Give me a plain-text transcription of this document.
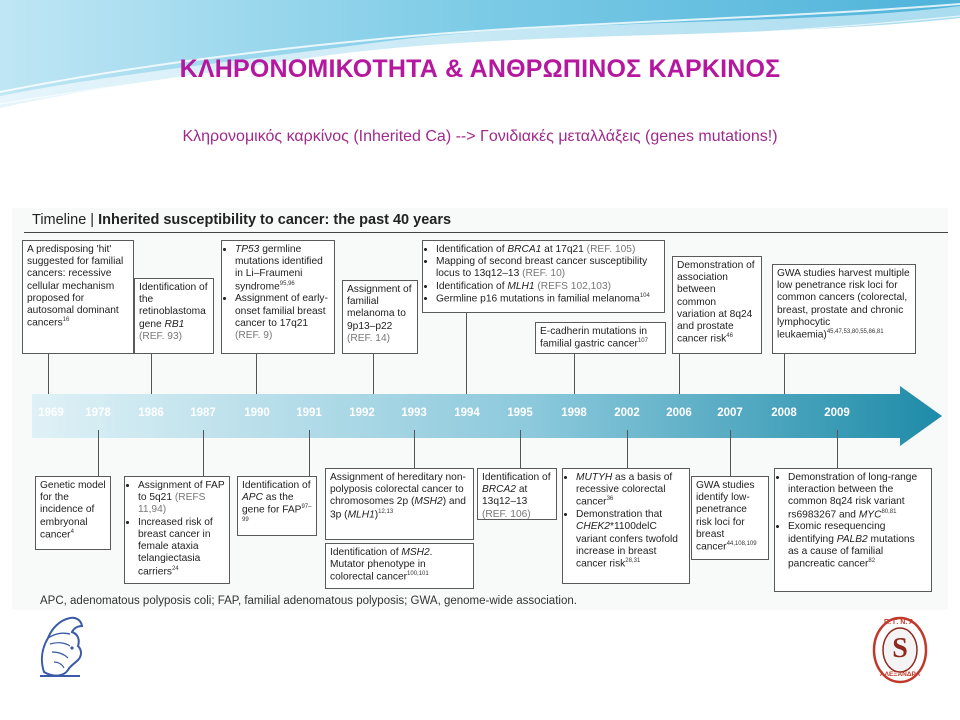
ΚΛΗΡΟΝΟΜΙΚΟΤΗΤΑ & ΑΝΘΡΩΠΙΝΟΣ ΚΑΡΚΙΝΟΣ
Κληρονομικός καρκίνος (Inherited Ca) --> Γονιδιακές μεταλλάξεις (genes mutations!)
Timeline | Inherited susceptibility to cancer: the past 40 years
1969	1978	1986	1987	1990	1991	1992	1993	1994	1995	1998	2002	2006	2007	2008	2009
A predisposing 'hit' suggested for familial cancers: recessive cellular mechanism proposed for autosomal dominant cancers$^{16}$
Identification of the retinoblastoma gene RB1 (REF. 93)
• TP53 germline mutations identified in Li–Fraumeni syndrome$^{95,96}$
• Assignment of early-onset familial breast cancer to 17q21 (REF. 9)
Assignment of familial melanoma to 9p13–p22 (REF. 14)
• Identification of BRCA1 at 17q21 (REF. 105)
• Mapping of second breast cancer susceptibility locus to 13q12–13 (REF. 10)
• Identification of MLH1 (REFS 102,103)
• Germline p16 mutations in familial melanoma$^{104}$
E-cadherin mutations in familial gastric cancer$^{107}$
Demonstration of association between common variation at 8q24 and prostate cancer risk$^{46}$
GWA studies harvest multiple low penetrance risk loci for common cancers (colorectal, breast, prostate and chronic lymphocytic leukaemia)$^{45,47,53,80,55,86,81}$
Genetic model for the incidence of embryonal cancer$^4$
• Assignment of FAP to 5q21 (REFS 11,94)
• Increased risk of breast cancer in female ataxia telangiectasia carriers$^{24}$
Identification of APC as the gene for FAP$^{97-99}$
Assignment of hereditary non-polyposis colorectal cancer to chromosomes 2p (MSH2) and 3p $(MLH1)^{12,13}$
Identification of MSH2. Mutator phenotype in colorectal cancer$^{100,101}$
Identification of BRCA2 at 13q12–13 (REF. 106)
• MUTYH as a basis of recessive colorectal cancer$^{36}$
• Demonstration that CHEK2*1100delC variant confers twofold increase in breast cancer risk$^{28,31}$
GWA studies identify low-penetrance risk loci for breast cancer$^{44,108,109}$
• Demonstration of long-range interaction between the common 8q24 risk variant rs6983267 and MYC$^{80,81}$
• Exomic resequencing identifying PALB2 mutations as a cause of familial pancreatic cancer$^{82}$
APC, adenomatous polyposis coli; FAP, familial adenomatous polyposis; GWA, genome-wide association.
Π. Γ. Ν. Α.
S
ΑΛΕΞΑΝΔΡΑ
